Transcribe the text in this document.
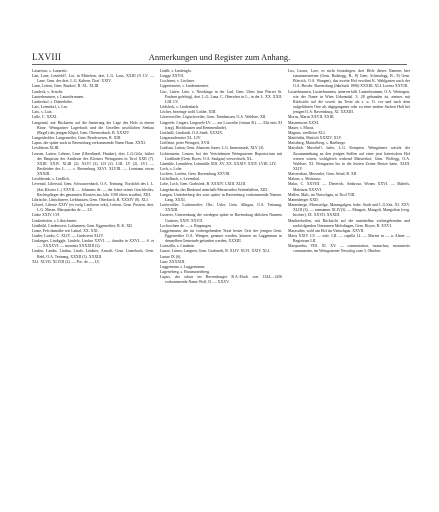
LXVIII	Anmerkungen und Register zum Anhang.

Lasaresso, s. Lazaretti.

Lan, Lane, Leinfeld?, Loi, in Mittelern, drei. L.G. Laus, XXIII (9. LV. — Lane, Gem. des drei. L.G. Kaltern, Dorf. XXIV.

Lann, Letten, Gem. Rasdorf, B. XL. XLIII.

Laudeck, s. Arnolts.

Lauterbrunnen, s. Lauterbrunnen.

Laubeckof, s. Düsterhöhe.

Lais, Letendorf, s. Las.

Laix, s. Laix.

Lalle, C. XXXI.

Langental, mit Rückstein auf die Sanierung der Lage des Hofs in einem Birne. Weingartner Lagerbuch und die Gesellen urschlichen Senkau (Regel) des jenigen Klipel, Gem. Oberneubach, B. XXXIV.

Langenlechler, Langenseiler, Gem. Renchwesen, B. XIII.

Lapus, der später noch in Ravensburg verkommende Name Hans, XXXI.

Leschbrun XLIII.

Leusen, Latten, Lehene, Lene (Oberdinzel, Hunker), drei. L.G.Göla, früher der Hauptsitz der Amtleute des Klosters Weingarten in Tirol XXII (7). XXIII. XXIV. XLIII (2). XLVI (3). LII (2). LIII. LV (2). LVI. — Bestleiden des L. — s. Bresenburg XLVI. XLVIII. — Leusinnn etwas XXXIII.

Leschbrunk, s. Lindlich.

Levental, Liberstal, Gem. Schwarzenbach, O.A. Tettnang. Nordolch des I. L. (das Kloster L.) XXVII. — Johannes de —, der letzte seines Geschlechts, Rechtspfleger des genannten Klosters aus Jahr 1190 öfters erwähnt, XIII.

Librische, Librichmeer, Liebhausen, Gem. Oberkirch, B. XXXIV (8). XLI.

Liliwel, Lilence XXIV (ex ivelg Lindweru sekt), Lettern, Gem. Pustern, drei. L.G. Meran. Marquardus de —, LV.

Linke XXIV. LVI.

Lindenhofen, s. Librichmeer.

Lindhöhl, Lindenwert, Lothannen, Gem. Eggenreiher, B. K. XII.

Linne, Fels damalbe wie Lainzl, XX. XXI.

Linder, Lindor, C. XLIV. — Lindwerin XLIV.

Lindanger, Lindiggle, Lindelz, Lindau XXVI. — domibe in XXVI. — S. et —, XXXXVI. — monasta XXXXIII (2).

Linden, Lindin, Lindau, Lindo, Lindner, Anwalt, Gem. Linnebach, Gem. Rehl, O.A. Tettnang, XXXII (3). XXXIII.

XLI. XLVII. XLVIII (2). — Poc. de —, LV.

Lindli, s. Lindenglo.

Lingge XXVII.

Lischtenv, s. Lischner.

Lippertenriet, s. Lindenstenriet.

Lito, Litten, Litte, s. Nerzkinge in der Lud, Gem. Ulms (nur Pfarrei St. Paulsen gelehrig), drei. L.G. Lana. C. Obernferr in L., in der L. XX. XXII. LIII. LV.

Lödsleck, s. Lindenbach.

Löcher, bezeinge wohl Lohler, XIII.

Lötzerswiller, Lögischweiler, Gem. Tannhausen, O.A. Waldsee, XII.

Lingerile, Lingeri, Lingerele LV. — zur Lotweibe (irrtum B.). — Elis eins XI (rarg). Hochhausen und Kemmenlinde).

Linifadtl, Lindiardt, O.A.Stadt. XXXIX.

Lingaraudemriet XL. LIV.

Lieffeine, peter Weingert, XVII.

Lindsan, Luttan, Gem. Ahausen, bauer. L.G. Immenstadt, XLV (3).

Lichtenstein, Leuten, bei der Vertriebenen Weingartener Reportorium mit Lindlinde (Gem. Bores, O.A. Saulgau) verwechselt, XL.

Lämühle, Lomühlen, Lehmühle XIII. XV. XX. XXXIV. XXIV. LVIII. LIV.

Loch, s. Lohe.

Lochers, Lochen, Gem. Ravensburg XXVIII.

Löchelbach, s. Leventhal.

Lohe, Loch, Gem. Grabstedt, B. XXXIV. LXIII. XLIII.

Langeberdu, das Rindenal unterhalb Meran nebst Seitenthälern, XIII.

Langen, Unterberberg des sons später in Ravensburg vorkommende Namen. Lang, XXXI.

Luiterwiller, Luitenweiler, Obr., Usler, Gem. Allngau, O.A. Tettnang, XXXIII.

Lusterer, Unterenbung der wiedegen später in Ravensburg üblichen Namens Gutterer, XXIV. XXVII.

Lochowlaen de —, s. Reppingen.

Luggenmann, die im vorhergehenden Texte bester Orte der jenigen Gem. Eggenreiher O.A. Wengen, genauer werden, können an Luggenman in demselben Gemeinde gefunden werden, XXXIII.

Lwinzilla, s. Lindaine.

Lunze, Lünen, Langsen, Gem. Grabstedt, B. XLIV. XLVI. XXIV. XLI.

Lunae IX (6).

Lunc XXXXIII.

Luggemann, s. Luggemanne.

Lagerteberg, s. Braunwarteberg.

Lupus, der schon im Ravensburger B.A.-Buch von 1324—1456 vorkommende Name Wolf, II. — XXXV.

Lus, Lasser, Lore, es nicht festzulegen, drei Höfe dieses Namens bier zusammentreten (Gem. Bodnegg, B., 8) Gem. Schmalegg, B., 8) Gem. Pfärrich, O.A. Wangen), das zweite Hof erwähnt K. Wahlgarten nach der O.A.-Beschr. Ravensburg (Jahrbuch 1896) XXXIII. XLI. Lorenz XXVIII.

Lusterbrunnen, Lusterbrunnen, unterverfallt. Lunterbrunnen, O.A. Wettingen, wie der Name in Wien Urkenndal. 3. 28 gebunden ist, meines mit Rücksicht auf die soweit im Texte als s. u. O. vor und nach dem aufgeführten Orte als abgegangener oder zu einer andern Sachen Haft bei jenigen O.A. Ravensburg, XI. XXXIII.

Morus, Marus XXVII. XXIII.

Mastentoren XXXI.

Mauer, s. Marus.

Magnus, vaeilletur XLI.

Maitifalda, Maitiolt XXXIV. XLV.

Maistberg, Maistelberg, s. Hartberge.

Maistlach Muschel?, hafer, L.G. Kempten. Weingärtner wäscht der Zusammenhang an den jenigen Stellen auf einer jerst baierischen Hof wiesen wären, wohlgleich wirkend Maisterhof, Gem. Wolfegg, O.A. Waldsee, XI. Weingarten bis in die letzten Zeiten Bestze hatte, XLIII. XLIV.

Maistersbau, Mersseler, Gem. Seind, B. XII.

Malons, s. Molzauso.

Malar, C. XXVIII. — Dieterich, Ambrosa, Wonns XXVI. — Malerls, Malenzia XXXVI.

Mallen, Mals, im Vintschgau, in Tirol VIII.

Mannsberger XXII.

Mannsberge, Manvstelge, Mannsgalgen, baler. Stadt und L.G.Sitz. XI. XXV. XLIII (3). — memamm XLIV(3). — Mangoit, Mangolt, Mangoltan (verg. Inscher), IX. XXVII. XXXIII.

Manlinekoffen, mit Rücksicht auf die unmittelbar vorbergehenden und nachfolgenden Orteasmen Molsdingen, Gem. Hoyse, B. XXVI.

Marasulen, wohl am Hof im Vintschgau. XXVII.

Maris XXIV. LV. — eule. LII. — capella LI. — Marine in — u. Almet — Regietrum LII.

Marquardus VIII. XI. XV. — commutation, monachus, monasterie communites, im Weingartener Nesorlog zum 3. Oktober.
